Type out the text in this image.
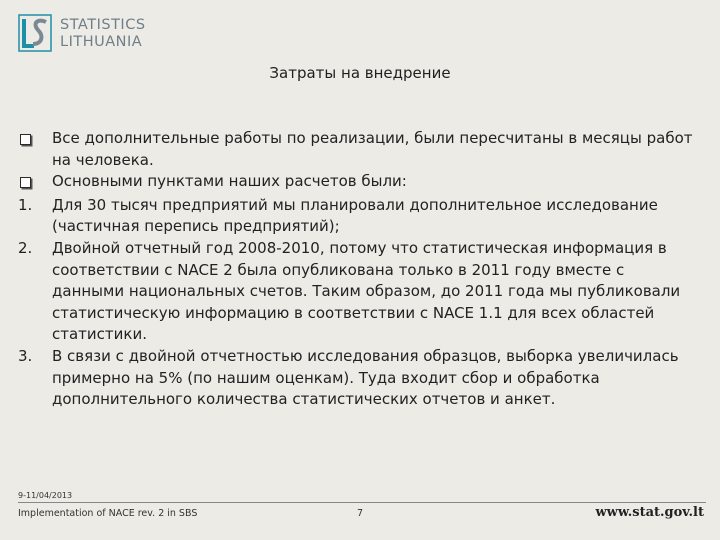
STATISTICS
LITHUANIA
Затраты на внедрение
Все дополнительные работы по реализации, были пересчитаны в месяцы работ на человека.
Основными пунктами наших расчетов были:
1.	Для 30 тысяч предприятий мы планировали дополнительное исследование (частичная перепись предприятий);
2.	Двойной отчетный год 2008-2010, потому что статистическая информация в соответствии с NACE 2 была опубликована только в 2011 году вместе с данными национальных счетов. Таким образом, до 2011 года мы публиковали статистическую информацию в соответствии с NACE 1.1 для всех областей статистики.
3.	В связи с двойной отчетностью исследования образцов, выборка увеличилась примерно на 5% (по нашим оценкам). Туда входит сбор и обработка дополнительного количества статистических отчетов и анкет.
9-11/04/2013
Implementation of NACE rev. 2 in SBS	7	www.stat.gov.lt
